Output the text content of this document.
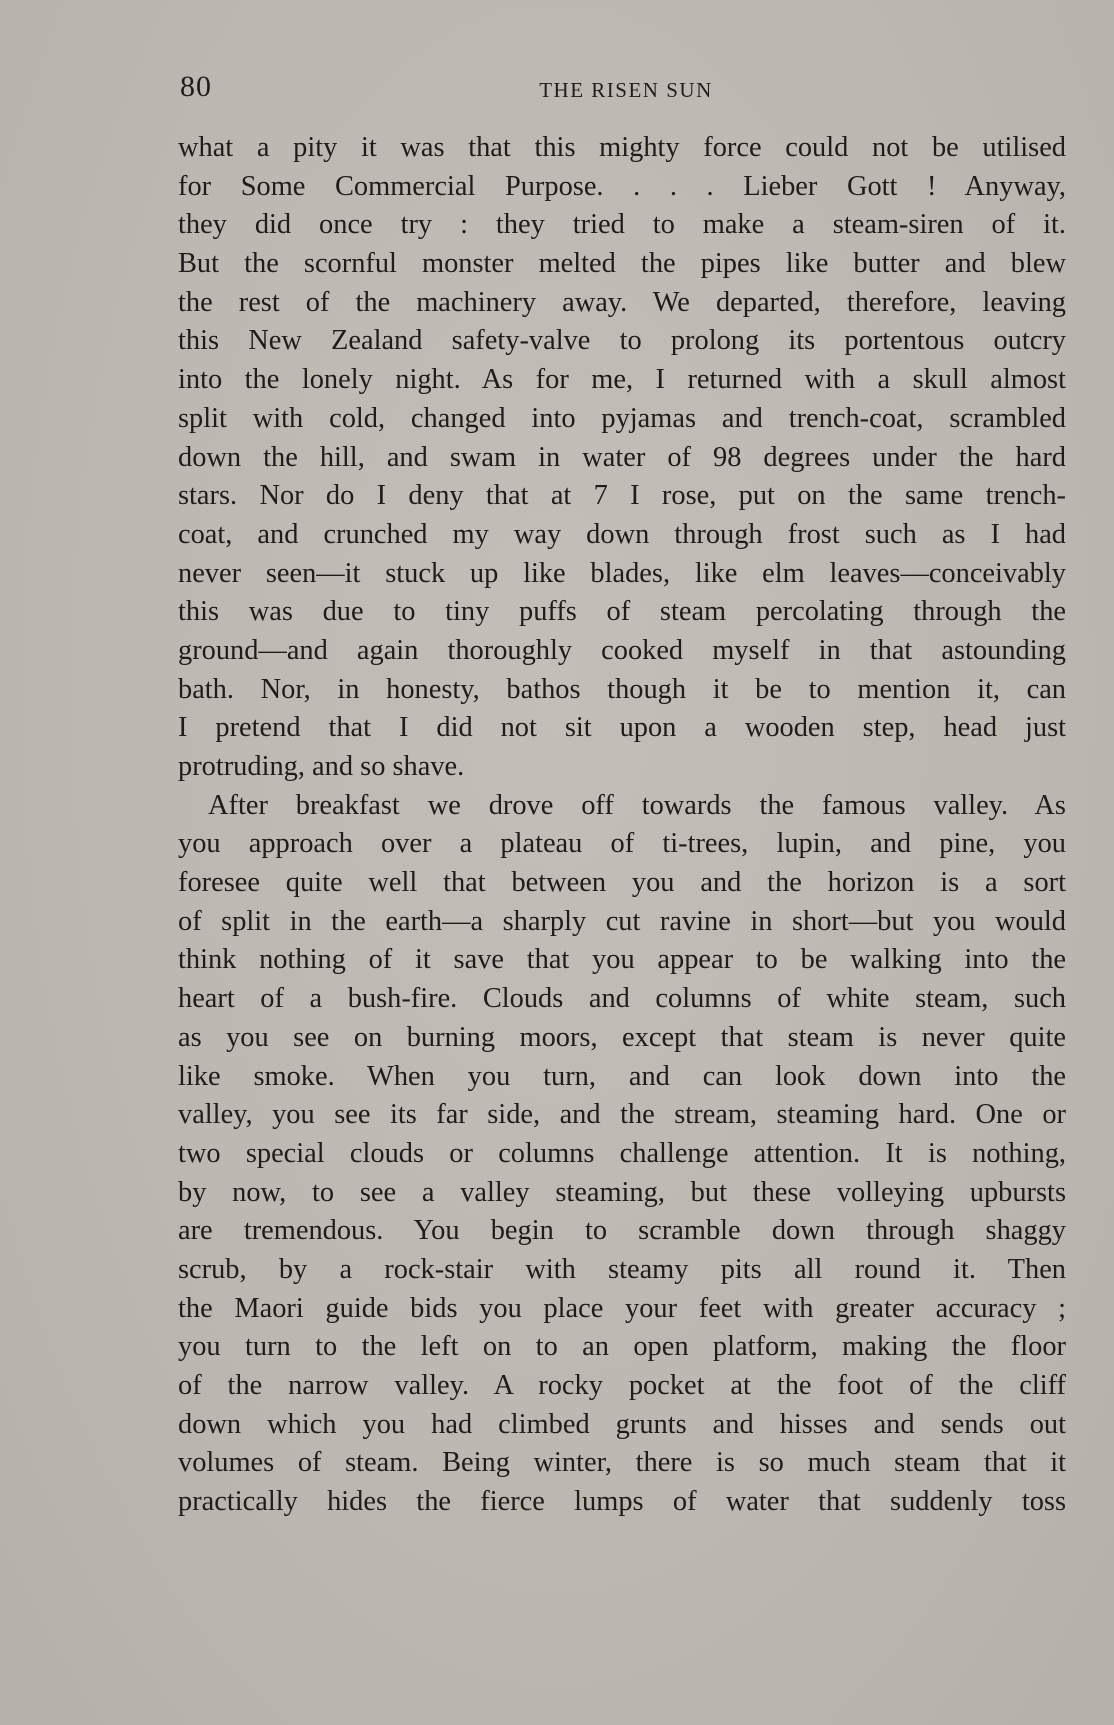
80	THE RISEN SUN
what a pity it was that this mighty force could not be utilised
for Some Commercial Purpose. . . . Lieber Gott ! Anyway,
they did once try : they tried to make a steam-siren of it.
But the scornful monster melted the pipes like butter and blew
the rest of the machinery away. We departed, therefore, leaving
this New Zealand safety-valve to prolong its portentous outcry
into the lonely night. As for me, I returned with a skull almost
split with cold, changed into pyjamas and trench-coat, scrambled
down the hill, and swam in water of 98 degrees under the hard
stars. Nor do I deny that at 7 I rose, put on the same trench-
coat, and crunched my way down through frost such as I had
never seen—it stuck up like blades, like elm leaves—conceivably
this was due to tiny puffs of steam percolating through the
ground—and again thoroughly cooked myself in that astounding
bath. Nor, in honesty, bathos though it be to mention it, can
I pretend that I did not sit upon a wooden step, head just
protruding, and so shave.
After breakfast we drove off towards the famous valley. As
you approach over a plateau of ti-trees, lupin, and pine, you
foresee quite well that between you and the horizon is a sort
of split in the earth—a sharply cut ravine in short—but you would
think nothing of it save that you appear to be walking into the
heart of a bush-fire. Clouds and columns of white steam, such
as you see on burning moors, except that steam is never quite
like smoke. When you turn, and can look down into the
valley, you see its far side, and the stream, steaming hard. One or
two special clouds or columns challenge attention. It is nothing,
by now, to see a valley steaming, but these volleying upbursts
are tremendous. You begin to scramble down through shaggy
scrub, by a rock-stair with steamy pits all round it. Then
the Maori guide bids you place your feet with greater accuracy ;
you turn to the left on to an open platform, making the floor
of the narrow valley. A rocky pocket at the foot of the cliff
down which you had climbed grunts and hisses and sends out
volumes of steam. Being winter, there is so much steam that it
practically hides the fierce lumps of water that suddenly toss
